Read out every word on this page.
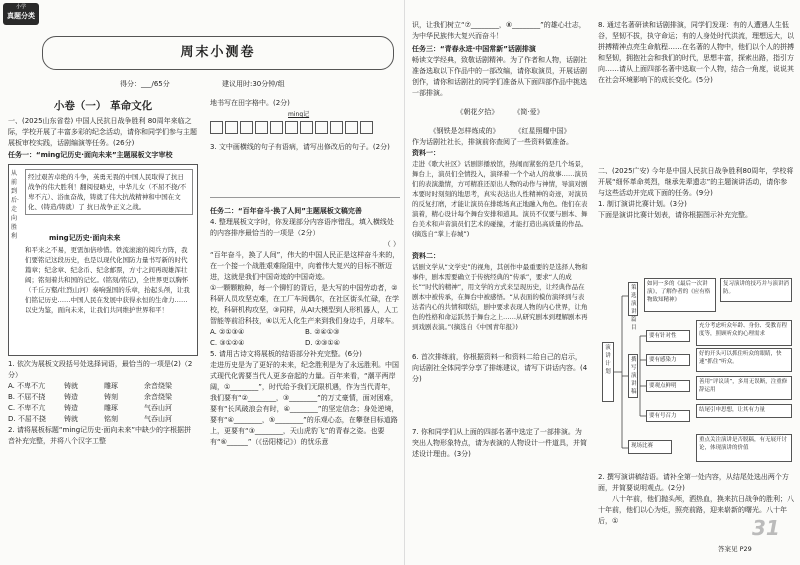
小学
真题分类
周末小测卷
得分：___/65分	建议用时:30分钟/组
小卷（一） 革命文化
一、(2025山东省卷) 中国人民抗日战争胜利 80周年来临之际，学校开展了丰富多彩的纪念活动，请你和同学们参与主题展板审校实践，话剧编演等任务。(26分)
任务一：“ming记历史·面向未来”主题展板文字审校
从前到后·走向胜利
经过艰苦卓绝的斗争，英勇无畏的中国人民取得了抗日战争的伟大胜利！翻阅侵略史，中华儿女（不屈不挠/不卑不亢）、浴血奋战，铸就了伟大抗战精神和中国在文化、(铸造/铸就）了 抗日战争正义之战。
ming记历史·面向未来
和平来之不易，更需加倍珍惜。铁流滚滚的阅兵方阵，我们要铭记这段历史，也是以现代化国防力量书写新的时代篇章；纪念章、纪念币、纪念邮票，方寸之间再现雄浑壮阔；铭刻着共和国的记忆。(铭刻/铭记)，全世界更以胸怀（千丘万壑/壮烈山河）奏响强国的乐章，抬起头颅，让我们铭记历史……中国人民在发展中获得永恒的生命力……以史为鉴，面向未来，让我们共同维护世界和平！
1. 依次为展板文段括号处选择词语，最恰当的一项是(2)（2分）
A. 不卑不亢	铸就	雕琢	余音绕梁
B. 不屈不挠	铸造	铸刻	余音绕梁
C. 不卑不亢	铸造	雕琢	气吞山河
D. 不屈不挠	铸就	铭刻	气吞山河
2. 请将展板标题“ming记历史·面向未来”中缺少的字根据拼音补充完整，并将八个汉字工整
地书写在田字格中。(2分)
ming记
3. 文中画横线的句子有语病，请写出修改后的句子。(2分)
任务二：“百年奋斗·换了人间”主题展板文稿完善
4. 整理展板文字时，你发现部分内容语序错乱，填入横线处的内容排序最恰当的一项是（2分）
（ ）
“百年奋斗，换了人间”，伟大的中国人民正是这样奋斗来的，在一个接一个战胜艰难险阻中，向着伟大复兴的目标不断迈进，这就是我们中国奇迹的中国奇迹。
①一颗颗粮种，每一个铆钉的背后，是大写的中国劳动者，②科研人员攻坚克难，在工厂车间偶尔，在社区街头忙碌，在学校，科研机构攻坚，③同样，从AI大模型到人形机器人，人工智能等前沿科技，⑥以无人化生产来到我们身边手，月球车。
A. ②①③④	B. ②④①③
C. ③①②④	D. ②③①④
5. 请用古诗文将展板的结语部分补充完整。(6分)
走进历史是为了更好的未来，纪念胜利是为了永远胜利。中国式现代化需要当代人更多奋起的力量。百年来看，“潮平两岸阔，①________”，时代给予我们无限机遇，作为当代青年，我们要有“②________，③________”的万丈豪情，面对困难，要有“长风破浪会有时，④________”的坚定信念；身处逆境，要有“④________，⑤________”的乐观心态，在攀登目标道路上，更要有“③________，天山虎豹飞”的青春之姿。也要有“⑥______”（《岳阳楼记》）的忧乐意
识，让我们树立“⑦________，⑧________”的雄心壮志，为中华民族伟大复兴而奋斗！
任务三：“青春永进·中国常新”话剧排演
畅读文学经典，致敬话剧精神。为了作者和人物，话剧社准备选取以下作品中的一部改编，请你取演员，开展话剧创作，请你和话剧社的同学们准备从下面四部作品中挑选一部排演。
《朝花夕拾》 《简·爱》
《钢铁是怎样炼成的》 《红星照耀中国》
作为话剧社社长，排演前你查阅了一些资料做准备。
资料一：
走进《歌大社区》话剧影播放馆，热闹而紧张的是几个场景，舞台上，演员们全情投入，演绎着一个个动人的故事……演员们的表演激情，方可精准还原出人物的动作与神情，导演对剧本要时时刻刻的地思考，真实表达出人性精神的奇迹，对演员的反复打磨，才能让演员在排练场真正地融入角色。他们在表演着，精心设计每个舞台安排和道具。演员不仅要与剧本、舞台美术和声音演员们艺术的碰撞，才能打造出高质量的作品。(摘选自“掌上春城”)
资料二：
话剧文学从“文学史”的视角，其创作中最重要的是选择人物和事件，剧本需要确立于传统经典的“传承”，要求“人的成长”“时代的精神”，用文学的方式来呈现历史，让经典作品在剧本中被传承，在舞台中被感悟。“从表面的模仿演绎到与表达者内心的共情和联结，剧中要求表现人物的内心世界，让角色的性格和命运跃然于舞台之上……从研究剧本到理解剧本再到戏剧表演。”(摘选自《中国青年报》)
6. 首次排练前，你根据资料一和资料二给自己的启示，向话剧社全体同学分享了排练建议，请写下讲话内容。(4分)
7. 你和同学们从上面的四部名著中选定了一部排演。为突出人物形象特点，请为表演的人物设计一件道具，并简述设计理由。(3分)
8. 通过名著研读和话剧排演，同学们发现：有的人遭遇人生低谷，坚韧不拔，执守命运；有的人身处时代洪流，理想远大，以拼搏精神点亮生命航程……在名著的人物中，他们以个人的拼搏和坚韧，拥抱社会和我们的时代，思想丰富，探索出路，指引方向……请从上面四部名著中选取一个人物，结合一角度，说说其在社会环境影响下的成长变化。(5分)
二、(2025广安) 今年是中国人民抗日战争胜利80周年，学校将开展“细怀革命英烈，继承先辈遗志”的主题演讲活动，请你参与这些活动并完成下面的任务。(9分)
1. 制订演讲比赛计划。(3分)
下面是演讲比赛计划表，请你根据图示补充完整。
演讲计划
策选演讲篇目
如同一多的《最后一次讲演》，了解作者的《应有格物致知精神》
复习演讲的技巧并与演讲消防。
撰写演讲稿
要有针对性
充分考虑听众年龄、身份、受教育程度等，照顾听众的心理需求
要有感染力
好的开头可以抓住听众的眼睛，快速“抓住”听众。
要观点鲜明
善用“评议读”，多用无误断，注重修辞运用
要有号召力
结尾引申思想，让其有力量
现场比赛
重点关注演讲是否脱稿，有无展开讨论，体现演讲的价值
2. 撰写演讲稿结语。请补全第一处内容，从结尾处选出两个方面，并简要说明观点。(2分)
八十年前，他们抛头颅，洒热血，换来抗日战争的胜利；八十年前，他们以心为炬，照亮前路，迎来崭新的曙光。八十年后，①	31
答案见 P29
